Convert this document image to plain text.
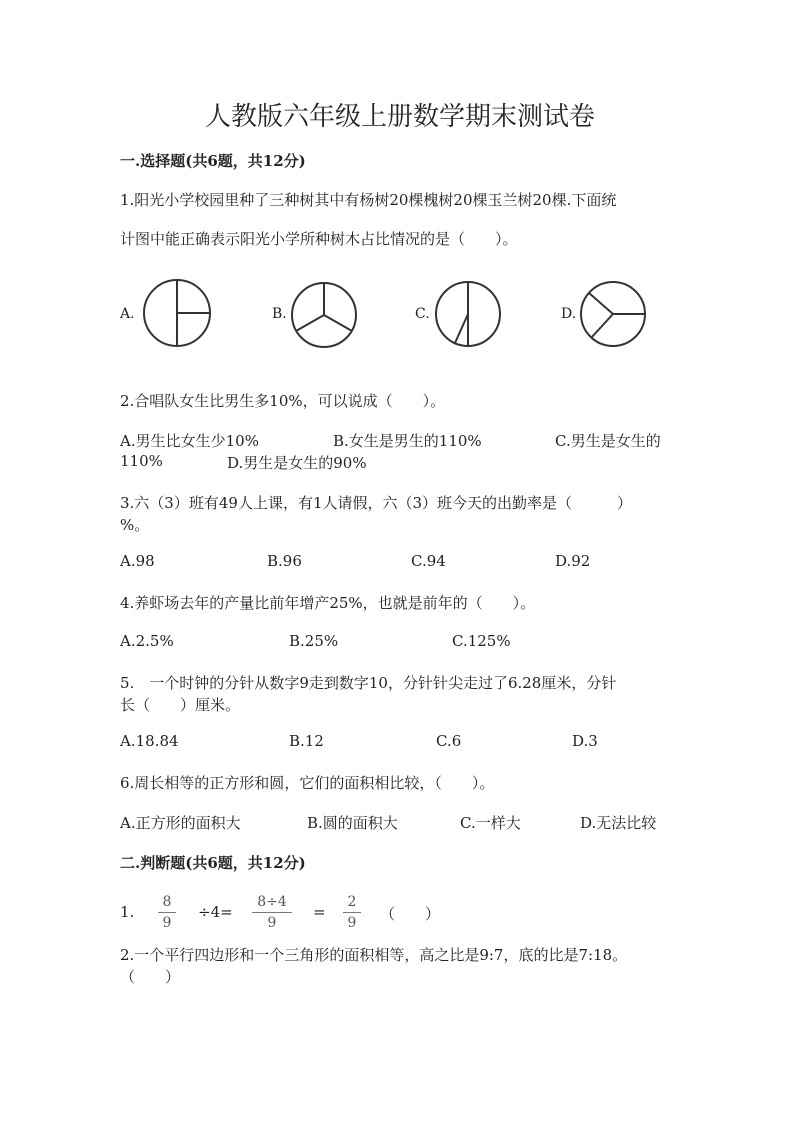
人教版六年级上册数学期末测试卷
一.选择题(共6题，共12分)
1.阳光小学校园里种了三种树其中有杨树20棵槐树20棵玉兰树20棵.下面统
计图中能正确表示阳光小学所种树木占比情况的是（　　）。
A.	B.	C.	D.
2.合唱队女生比男生多10%，可以说成（　　）。
A.男生比女生少10%	B.女生是男生的110%	C.男生是女生的
110%	D.男生是女生的90%
3.六（3）班有49人上课，有1人请假，六（3）班今天的出勤率是（　　　）
%。
A.98	B.96	C.94	D.92
4.养虾场去年的产量比前年增产25%，也就是前年的（　　）。
A.2.5%	B.25%	C.125%
5.　一个时钟的分针从数字9走到数字10，分针针尖走过了6.28厘米，分针
长（　　）厘米。
A.18.84	B.12	C.6	D.3
6.周长相等的正方形和圆，它们的面积相比较，（　　）。
A.正方形的面积大	B.圆的面积大	C.一样大	D.无法比较
二.判断题(共6题，共12分)
1.
8
9
÷4=
8÷4
9
=
2
9	（　　）
2.一个平行四边形和一个三角形的面积相等，高之比是9:7，底的比是7:18。
（　　）
